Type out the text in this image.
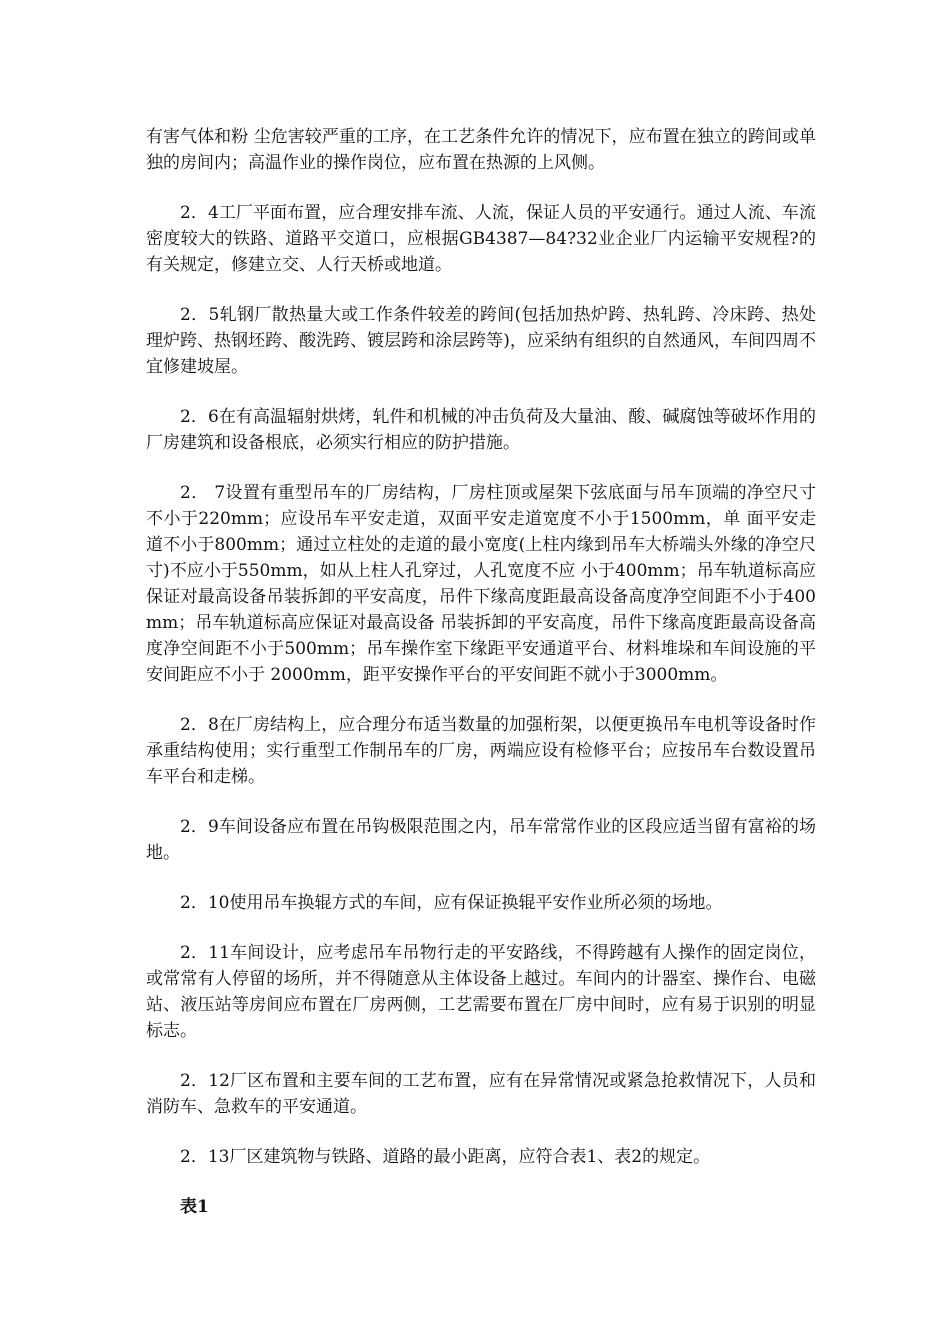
有害气体和粉 尘危害较严重的工序，在工艺条件允许的情况下，应布置在独立的跨间或单独的房间内；高温作业的操作岗位，应布置在热源的上风侧。

2．4工厂平面布置，应合理安排车流、人流，保证人员的平安通行。通过人流、车流密度较大的铁路、道路平交道口，应根据GB4387—84?32业企业厂内运输平安规程?的有关规定，修建立交、人行天桥或地道。

2．5轧钢厂散热量大或工作条件较差的跨间(包括加热炉跨、热轧跨、冷床跨、热处理炉跨、热钢坯跨、酸洗跨、镀层跨和涂层跨等)，应采纳有组织的自然通风，车间四周不宜修建坡屋。

2．6在有高温辐射烘烤，轧件和机械的冲击负荷及大量油、酸、碱腐蚀等破坏作用的厂房建筑和设备根底，必须实行相应的防护措施。

2． 7设置有重型吊车的厂房结构，厂房柱顶或屋架下弦底面与吊车顶端的净空尺寸不小于220mm；应设吊车平安走道，双面平安走道宽度不小于1500mm，单 面平安走道不小于800mm；通过立柱处的走道的最小宽度(上柱内缘到吊车大桥端头外缘的净空尺寸)不应小于550mm，如从上柱人孔穿过，人孔宽度不应 小于400mm；吊车轨道标高应保证对最高设备吊装拆卸的平安高度，吊件下缘高度距最高设备高度净空间距不小于400mm；吊车轨道标高应保证对最高设备 吊装拆卸的平安高度，吊件下缘高度距最高设备高度净空间距不小于500mm；吊车操作室下缘距平安通道平台、材料堆垛和车间设施的平安间距应不小于 2000mm，距平安操作平台的平安间距不就小于3000mm。

2．8在厂房结构上，应合理分布适当数量的加强桁架，以便更换吊车电机等设备时作承重结构使用；实行重型工作制吊车的厂房，两端应设有检修平台；应按吊车台数设置吊车平台和走梯。

2．9车间设备应布置在吊钩极限范围之内，吊车常常作业的区段应适当留有富裕的场地。

2．10使用吊车换辊方式的车间，应有保证换辊平安作业所必须的场地。

2．11车间设计，应考虑吊车吊物行走的平安路线，不得跨越有人操作的固定岗位，或常常有人停留的场所，并不得随意从主体设备上越过。车间内的计器室、操作台、电磁站、液压站等房间应布置在厂房两侧，工艺需要布置在厂房中间时，应有易于识别的明显标志。

2．12厂区布置和主要车间的工艺布置，应有在异常情况或紧急抢救情况下，人员和消防车、急救车的平安通道。

2．13厂区建筑物与铁路、道路的最小距离，应符合表1、表2的规定。

表1
